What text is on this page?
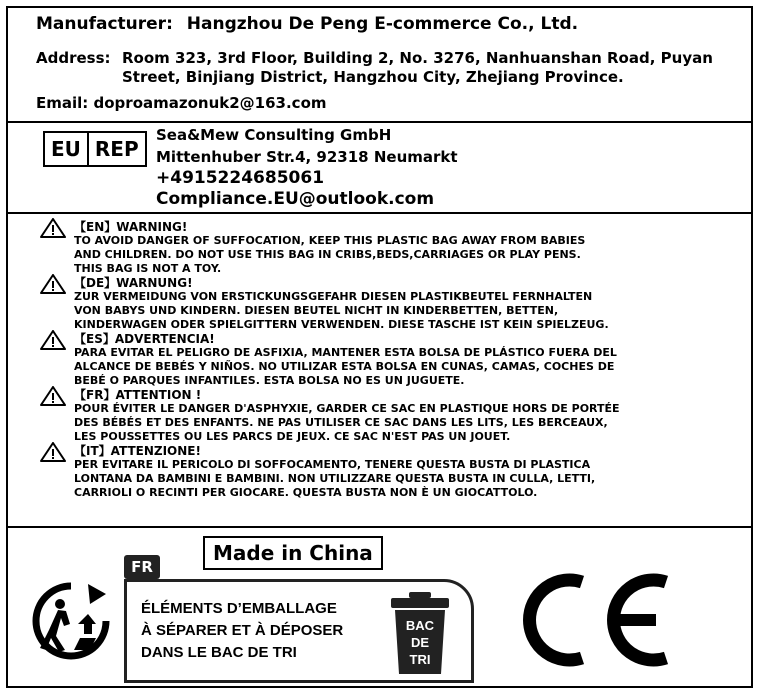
Manufacturer: Hangzhou De Peng E-commerce Co., Ltd.
Address: Room 323, 3rd Floor, Building 2, No. 3276, Nanhuanshan Road, Puyan Street, Binjiang District, Hangzhou City, Zhejiang Province.
Email: doproamazonuk2@163.com
EU REP
Sea&Mew Consulting GmbH
Mittenhuber Str.4, 92318 Neumarkt
+4915224685061
Compliance.EU@outlook.com
【EN】WARNING!
TO AVOID DANGER OF SUFFOCATION, KEEP THIS PLASTIC BAG AWAY FROM BABIES
AND CHILDREN. DO NOT USE THIS BAG IN CRIBS,BEDS,CARRIAGES OR PLAY PENS.
THIS BAG IS NOT A TOY.
【DE】WARNUNG!
ZUR VERMEIDUNG VON ERSTICKUNGSGEFAHR DIESEN PLASTIKBEUTEL FERNHALTEN
VON BABYS UND KINDERN. DIESEN BEUTEL NICHT IN KINDERBETTEN, BETTEN,
KINDERWAGEN ODER SPIELGITTERN VERWENDEN. DIESE TASCHE IST KEIN SPIELZEUG.
【ES】ADVERTENCIA!
PARA EVITAR EL PELIGRO DE ASFIXIA, MANTENER ESTA BOLSA DE PLÁSTICO FUERA DEL
ALCANCE DE BEBÉS Y NIÑOS. NO UTILIZAR ESTA BOLSA EN CUNAS, CAMAS, COCHES DE
BEBÉ O PARQUES INFANTILES. ESTA BOLSA NO ES UN JUGUETE.
【FR】ATTENTION !
POUR ÉVITER LE DANGER D'ASPHYXIE, GARDER CE SAC EN PLASTIQUE HORS DE PORTÉE
DES BÉBÉS ET DES ENFANTS. NE PAS UTILISER CE SAC DANS LES LITS, LES BERCEAUX,
LES POUSSETTES OU LES PARCS DE JEUX. CE SAC N'EST PAS UN JOUET.
【IT】ATTENZIONE!
PER EVITARE IL PERICOLO DI SOFFOCAMENTO, TENERE QUESTA BUSTA DI PLASTICA
LONTANA DA BAMBINI E BAMBINI. NON UTILIZZARE QUESTA BUSTA IN CULLA, LETTI,
CARRIOLI O RECINTI PER GIOCARE. QUESTA BUSTA NON È UN GIOCATTOLO.
Made in China
FR
ÉLÉMENTS D’EMBALLAGE
À SÉPARER ET À DÉPOSER
DANS LE BAC DE TRI
BAC
DE
TRI
